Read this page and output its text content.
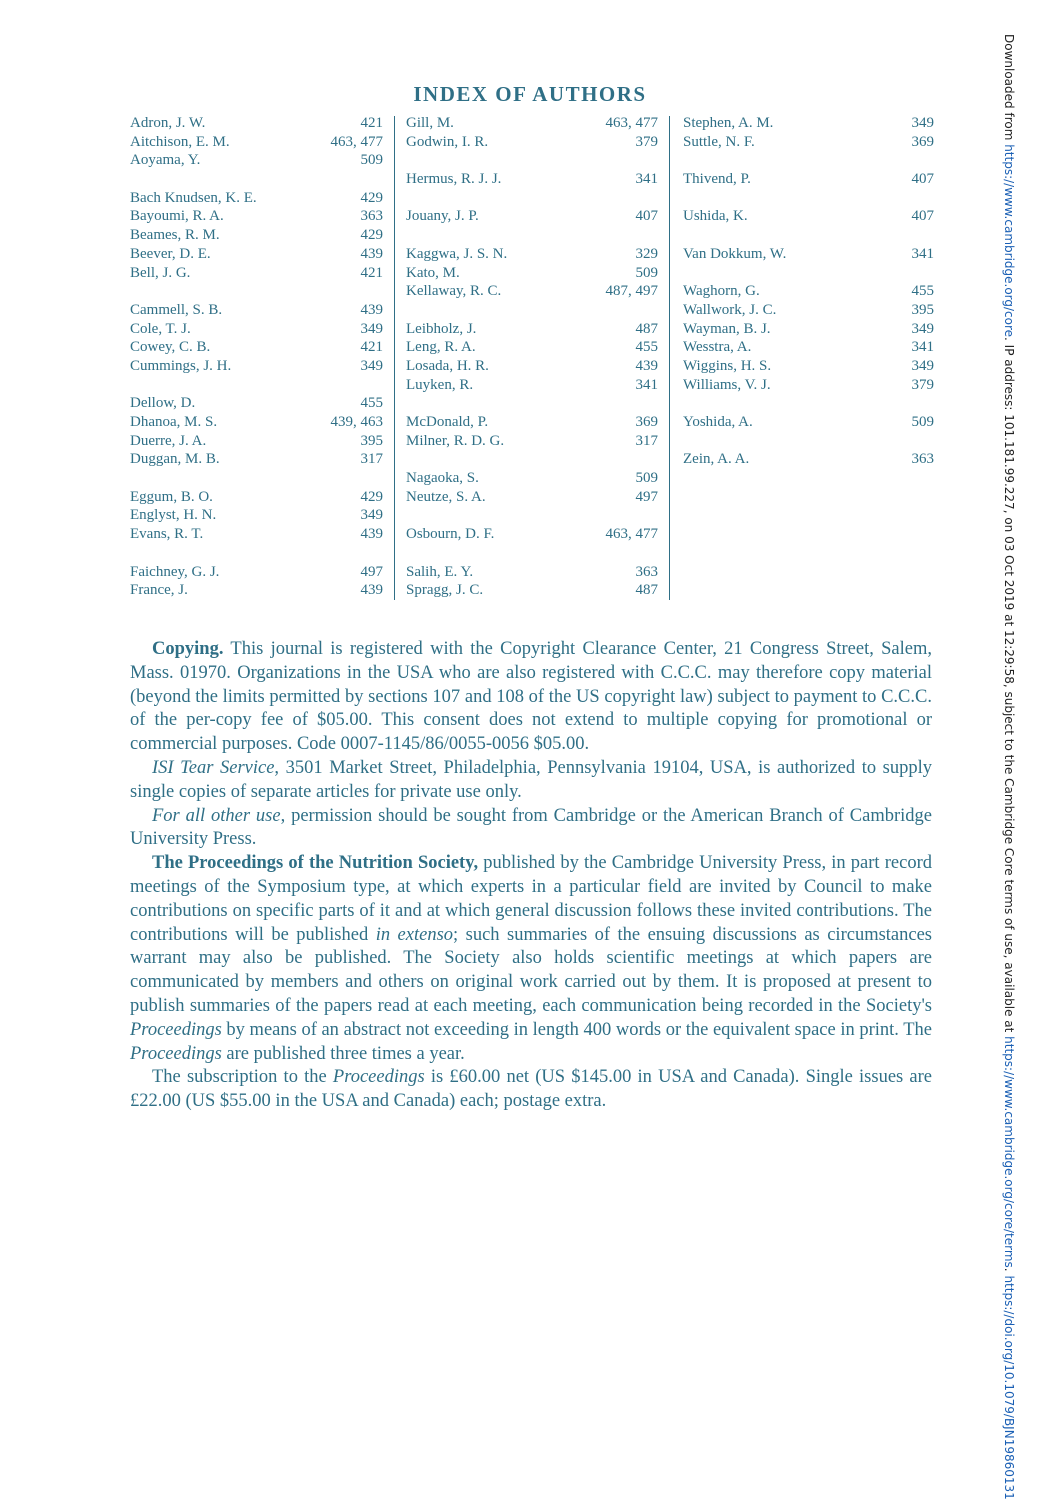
INDEX OF AUTHORS
Adron, J. W.	421
Aitchison, E. M.	463, 477
Aoyama, Y.	509
Bach Knudsen, K. E.	429
Bayoumi, R. A.	363
Beames, R. M.	429
Beever, D. E.	439
Bell, J. G.	421
Cammell, S. B.	439
Cole, T. J.	349
Cowey, C. B.	421
Cummings, J. H.	349
Dellow, D.	455
Dhanoa, M. S.	439, 463
Duerre, J. A.	395
Duggan, M. B.	317
Eggum, B. O.	429
Englyst, H. N.	349
Evans, R. T.	439
Faichney, G. J.	497
France, J.	439
Gill, M.	463, 477
Godwin, I. R.	379
Hermus, R. J. J.	341
Jouany, J. P.	407
Kaggwa, J. S. N.	329
Kato, M.	509
Kellaway, R. C.	487, 497
Leibholz, J.	487
Leng, R. A.	455
Losada, H. R.	439
Luyken, R.	341
McDonald, P.	369
Milner, R. D. G.	317
Nagaoka, S.	509
Neutze, S. A.	497
Osbourn, D. F.	463, 477
Salih, E. Y.	363
Spragg, J. C.	487
Stephen, A. M.	349
Suttle, N. F.	369
Thivend, P.	407
Ushida, K.	407
Van Dokkum, W.	341
Waghorn, G.	455
Wallwork, J. C.	395
Wayman, B. J.	349
Wesstra, A.	341
Wiggins, H. S.	349
Williams, V. J.	379
Yoshida, A.	509
Zein, A. A.	363

Copying. This journal is registered with the Copyright Clearance Center, 21 Congress Street, Salem, Mass. 01970. Organizations in the USA who are also registered with C.C.C. may therefore copy material (beyond the limits permitted by sections 107 and 108 of the US copyright law) subject to payment to C.C.C. of the per-copy fee of $05.00. This consent does not extend to multiple copying for promotional or commercial purposes. Code 0007-1145/86/0055-0056 $05.00.

ISI Tear Service, 3501 Market Street, Philadelphia, Pennsylvania 19104, USA, is authorized to supply single copies of separate articles for private use only.

For all other use, permission should be sought from Cambridge or the American Branch of Cambridge University Press.

The Proceedings of the Nutrition Society, published by the Cambridge University Press, in part record meetings of the Symposium type, at which experts in a particular field are invited by Council to make contributions on specific parts of it and at which general discussion follows these invited contributions. The contributions will be published in extenso; such summaries of the ensuing discussions as circumstances warrant may also be published. The Society also holds scientific meetings at which papers are communicated by members and others on original work carried out by them. It is proposed at present to publish summaries of the papers read at each meeting, each communication being recorded in the Society's Proceedings by means of an abstract not exceeding in length 400 words or the equivalent space in print. The Proceedings are published three times a year.

The subscription to the Proceedings is £60.00 net (US $145.00 in USA and Canada). Single issues are £22.00 (US $55.00 in the USA and Canada) each; postage extra.

Downloaded from https://www.cambridge.org/core. IP address: 101.181.99.227, on 03 Oct 2019 at 12:29:58, subject to the Cambridge Core terms of use, available at https://www.cambridge.org/core/terms. https://doi.org/10.1079/BJN19860131
